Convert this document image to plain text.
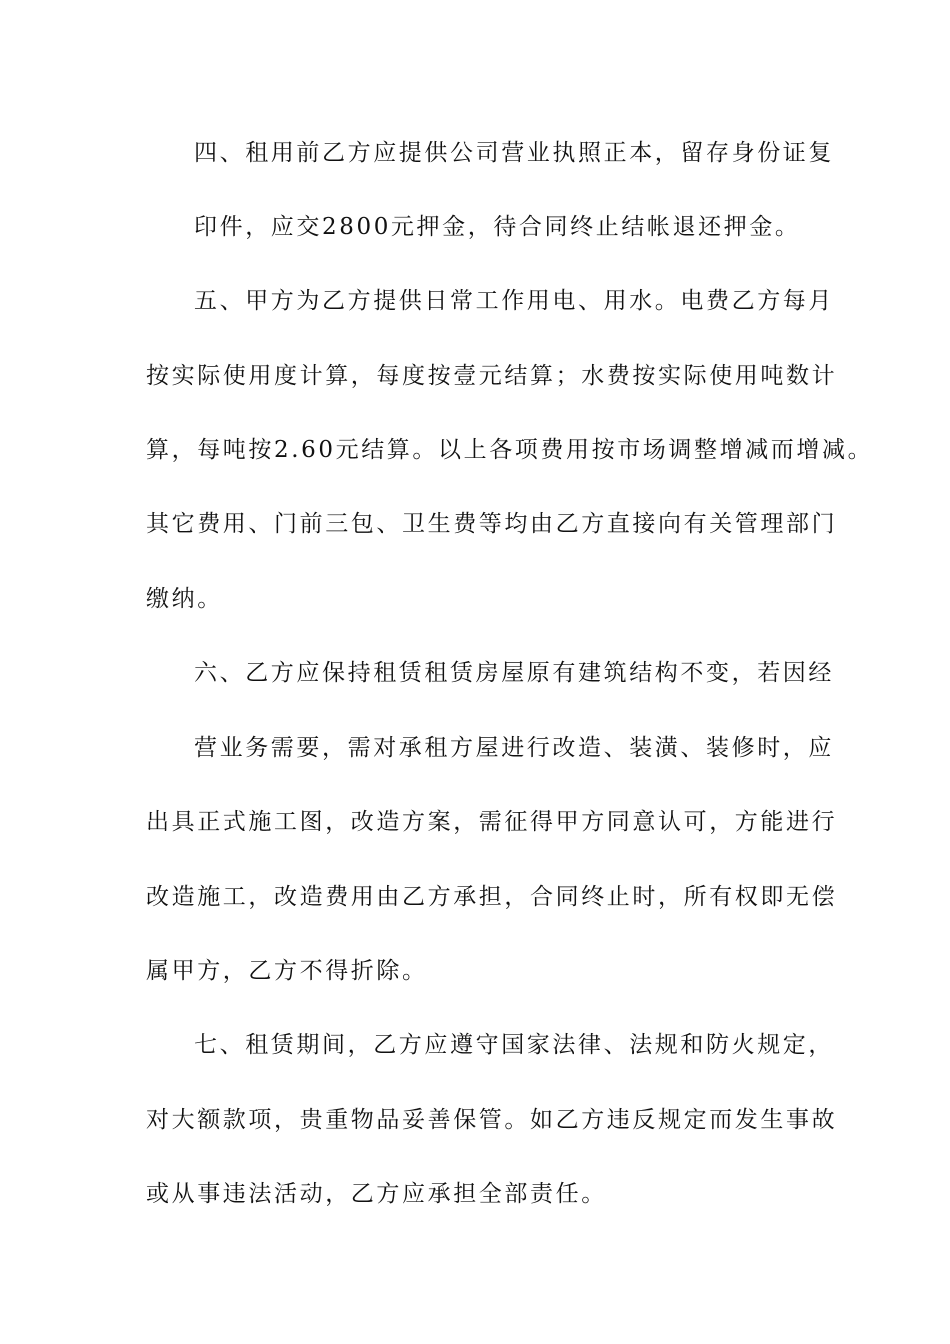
四、租用前乙方应提供公司营业执照正本，留存身份证复
印件，应交2800元押金，待合同终止结帐退还押金。
五、甲方为乙方提供日常工作用电、用水。电费乙方每月
按实际使用度计算，每度按壹元结算；水费按实际使用吨数计
算，每吨按2.60元结算。以上各项费用按市场调整增减而增减。
其它费用、门前三包、卫生费等均由乙方直接向有关管理部门
缴纳。
六、乙方应保持租赁租赁房屋原有建筑结构不变，若因经
营业务需要，需对承租方屋进行改造、装潢、装修时，应
出具正式施工图，改造方案，需征得甲方同意认可，方能进行
改造施工，改造费用由乙方承担，合同终止时，所有权即无偿
属甲方，乙方不得折除。
七、租赁期间，乙方应遵守国家法律、法规和防火规定，
对大额款项，贵重物品妥善保管。如乙方违反规定而发生事故
或从事违法活动，乙方应承担全部责任。
